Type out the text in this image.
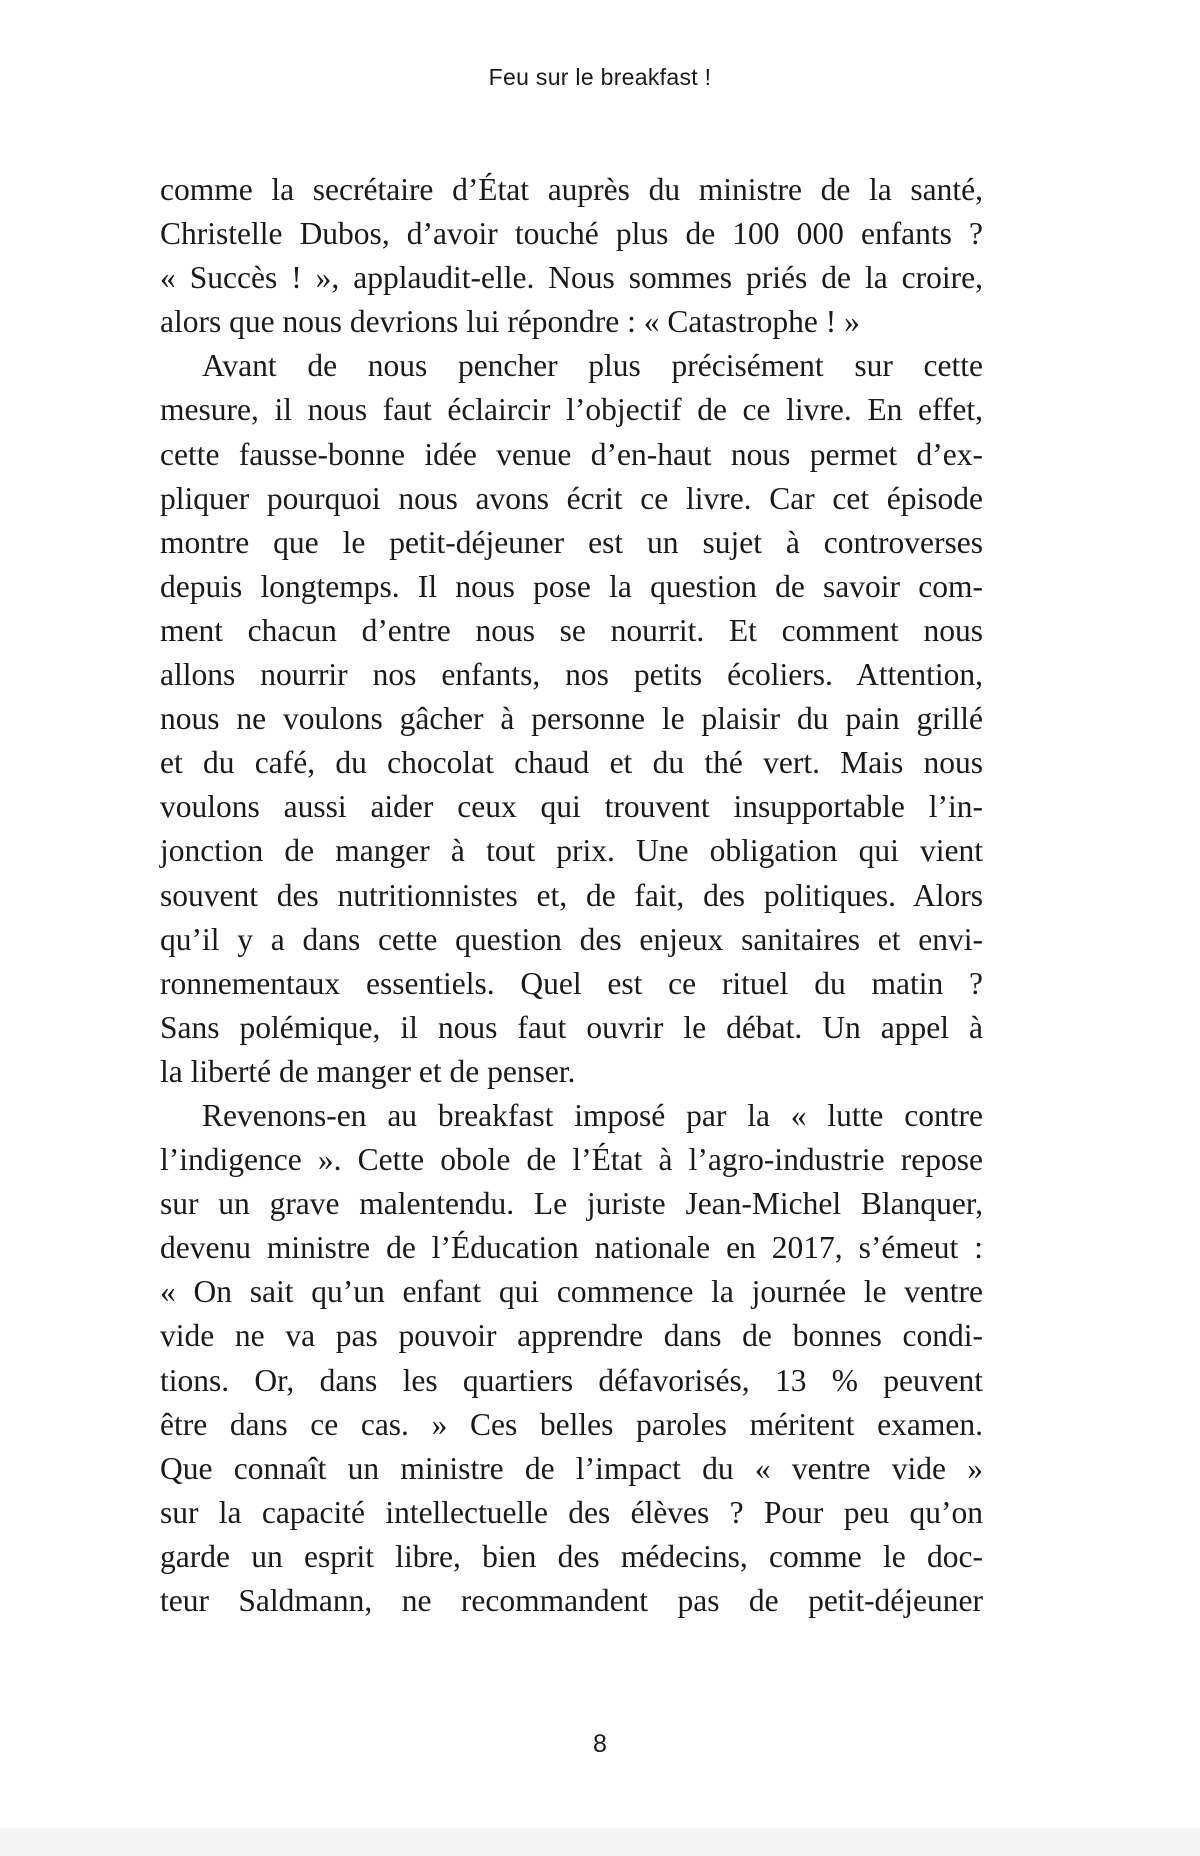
Feu sur le breakfast !
comme la secrétaire d’État auprès du ministre de la santé,
Christelle Dubos, d’avoir touché plus de 100 000 enfants ?
« Succès ! », applaudit-elle. Nous sommes priés de la croire,
alors que nous devrions lui répondre : « Catastrophe ! »
Avant de nous pencher plus précisément sur cette
mesure, il nous faut éclaircir l’objectif de ce livre. En effet,
cette fausse-bonne idée venue d’en-haut nous permet d’ex-
pliquer pourquoi nous avons écrit ce livre. Car cet épisode
montre que le petit-déjeuner est un sujet à controverses
depuis longtemps. Il nous pose la question de savoir com-
ment chacun d’entre nous se nourrit. Et comment nous
allons nourrir nos enfants, nos petits écoliers. Attention,
nous ne voulons gâcher à personne le plaisir du pain grillé
et du café, du chocolat chaud et du thé vert. Mais nous
voulons aussi aider ceux qui trouvent insupportable l’in-
jonction de manger à tout prix. Une obligation qui vient
souvent des nutritionnistes et, de fait, des politiques. Alors
qu’il y a dans cette question des enjeux sanitaires et envi-
ronnementaux essentiels. Quel est ce rituel du matin ?
Sans polémique, il nous faut ouvrir le débat. Un appel à
la liberté de manger et de penser.
Revenons-en au breakfast imposé par la « lutte contre
l’indigence ». Cette obole de l’État à l’agro-industrie repose
sur un grave malentendu. Le juriste Jean-Michel Blanquer,
devenu ministre de l’Éducation nationale en 2017, s’émeut :
« On sait qu’un enfant qui commence la journée le ventre
vide ne va pas pouvoir apprendre dans de bonnes condi-
tions. Or, dans les quartiers défavorisés, 13 % peuvent
être dans ce cas. » Ces belles paroles méritent examen.
Que connaît un ministre de l’impact du « ventre vide »
sur la capacité intellectuelle des élèves ? Pour peu qu’on
garde un esprit libre, bien des médecins, comme le doc-
teur Saldmann, ne recommandent pas de petit-déjeuner
8
